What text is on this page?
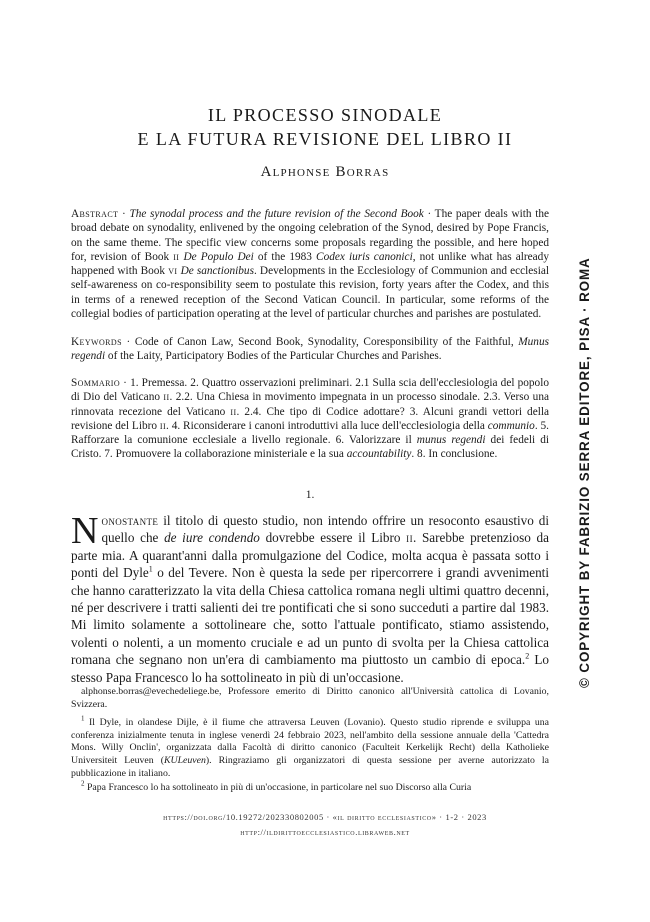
IL PROCESSO SINODALE
E LA FUTURA REVISIONE DEL LIBRO II
Alphonse Borras
Abstract · The synodal process and the future revision of the Second Book · The paper deals with the broad debate on synodality, enlivened by the ongoing celebration of the Synod, desired by Pope Francis, on the same theme. The specific view concerns some proposals regarding the possible, and here hoped for, revision of Book ii De Populo Dei of the 1983 Codex iuris canonici, not unlike what has already happened with Book vi De sanctionibus. Developments in the Ecclesiology of Communion and ecclesial self-awareness on co-responsibility seem to postulate this revision, forty years after the Codex, and this in terms of a renewed reception of the Second Vatican Council. In particular, some reforms of the collegial bodies of participation operating at the level of particular churches and parishes are postulated.
Keywords · Code of Canon Law, Second Book, Synodality, Coresponsibility of the Faithful, Munus regendi of the Laity, Participatory Bodies of the Particular Churches and Parishes.
Sommario · 1. Premessa. 2. Quattro osservazioni preliminari. 2.1 Sulla scia dell'ecclesiologia del popolo di Dio del Vaticano ii. 2.2. Una Chiesa in movimento impegnata in un processo sinodale. 2.3. Verso una rinnovata recezione del Vaticano ii. 2.4. Che tipo di Codice adottare? 3. Alcuni grandi vettori della revisione del Libro ii. 4. Riconsiderare i canoni introduttivi alla luce dell'ecclesiologia della communio. 5. Rafforzare la comunione ecclesiale a livello regionale. 6. Valorizzare il munus regendi dei fedeli di Cristo. 7. Promuovere la collaborazione ministeriale e la sua accountability. 8. In conclusione.
1.
Nonostante il titolo di questo studio, non intendo offrire un resoconto esaustivo di quello che de iure condendo dovrebbe essere il Libro ii. Sarebbe pretenzioso da parte mia. A quarant'anni dalla promulgazione del Codice, molta acqua è passata sotto i ponti del Dyle$^1$ o del Tevere. Non è questa la sede per ripercorrere i grandi avvenimenti che hanno caratterizzato la vita della Chiesa cattolica romana negli ultimi quattro decenni, né per descrivere i tratti salienti dei tre pontificati che si sono succeduti a partire dal 1983. Mi limito solamente a sottolineare che, sotto l'attuale pontificato, stiamo assistendo, volenti o nolenti, a un momento cruciale e ad un punto di svolta per la Chiesa cattolica romana che segnano non un'era di cambiamento ma piuttosto un cambio di epoca.$^2$ Lo stesso Papa Francesco lo ha sottolineato in più di un'occasione.
alphonse.borras@evechedeliege.be, Professore emerito di Diritto canonico all'Università cattolica di Lovanio, Svizzera.
$^1$ Il Dyle, in olandese Dijle, è il fiume che attraversa Leuven (Lovanio). Questo studio riprende e sviluppa una conferenza inizialmente tenuta in inglese venerdì 24 febbraio 2023, nell'ambito della sessione annuale della 'Cattedra Mons. Willy Onclin', organizzata dalla Facoltà di diritto canonico (Faculteit Kerkelijk Recht) della Katholieke Universiteit Leuven (KULeuven). Ringraziamo gli organizzatori di questa sessione per averne autorizzato la pubblicazione in italiano.
$^2$ Papa Francesco lo ha sottolineato in più di un'occasione, in particolare nel suo Discorso alla Curia
https://doi.org/10.19272/202330802005 · «il diritto ecclesiastico» · 1-2 · 2023
http://ildirittoecclesiastico.libraweb.net
© COPYRIGHT BY FABRIZIO SERRA EDITORE, PISA · ROMA
